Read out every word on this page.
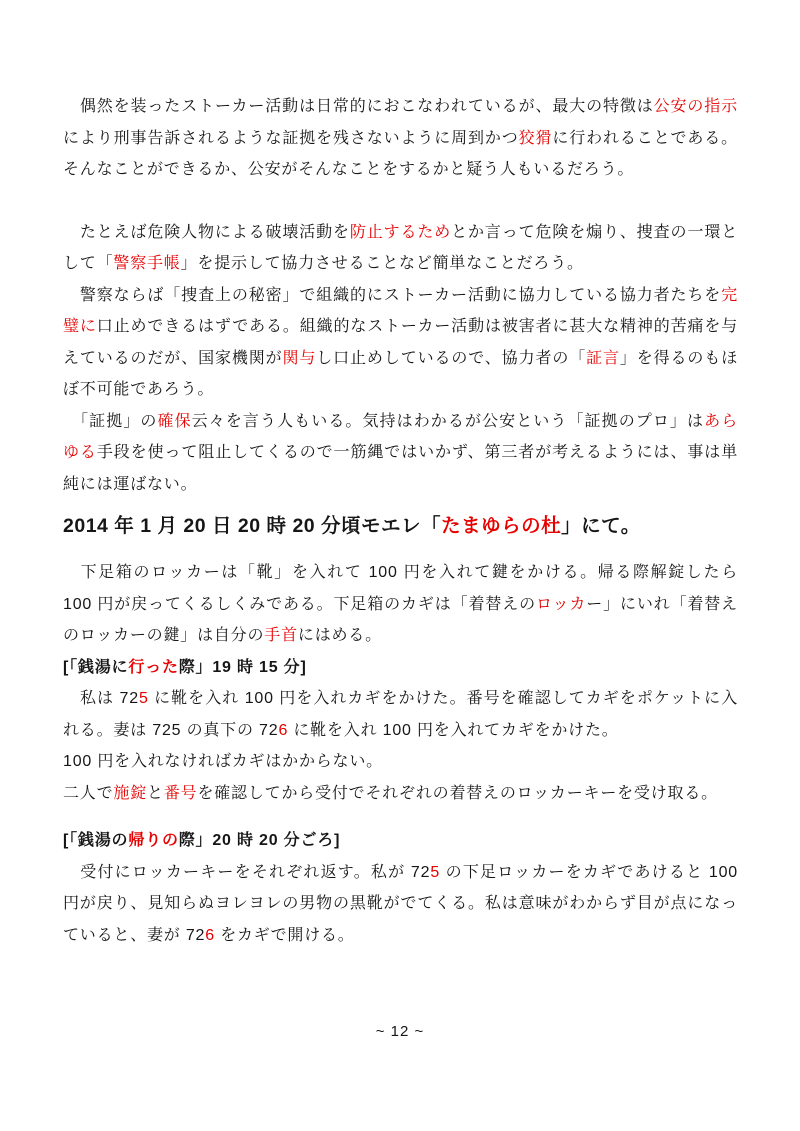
　偶然を装ったストーカー活動は日常的におこなわれているが、最大の特徴は公安の指示により刑事告訴されるような証拠を残さないように周到かつ狡猾に行われることである。そんなことができるか、公安がそんなことをするかと疑う人もいるだろう。

　たとえば危険人物による破壊活動を防止するためとか言って危険を煽り、捜査の一環として「警察手帳」を提示して協力させることなど簡単なことだろう。

　警察ならば「捜査上の秘密」で組織的にストーカー活動に協力している協力者たちを完璧に口止めできるはずである。組織的なストーカー活動は被害者に甚大な精神的苦痛を与えているのだが、国家機関が関与し口止めしているので、協力者の「証言」を得るのもほぼ不可能であろう。

　「証拠」の確保云々を言う人もいる。気持はわかるが公安という「証拠のプロ」はあらゆる手段を使って阻止してくるので一筋縄ではいかず、第三者が考えるようには、事は単純には運ばない。

2014 年 1 月 20 日 20 時 20 分頃モエレ「たまゆらの杜」にて。

　下足箱のロッカーは「靴」を入れて 100 円を入れて鍵をかける。帰る際解錠したら 100 円が戻ってくるしくみである。下足箱のカギは「着替えのロッカー」にいれ「着替えのロッカーの鍵」は自分の手首にはめる。

[「銭湯に行った際」19 時 15 分]

　私は 725 に靴を入れ 100 円を入れカギをかけた。番号を確認してカギをポケットに入れる。妻は 725 の真下の 726 に靴を入れ 100 円を入れてカギをかけた。

100 円を入れなければカギはかからない。

二人で施錠と番号を確認してから受付でそれぞれの着替えのロッカーキーを受け取る。

[「銭湯の帰りの際」20 時 20 分ごろ]

　受付にロッカーキーをそれぞれ返す。私が 725 の下足ロッカーをカギであけると 100 円が戻り、見知らぬヨレヨレの男物の黒靴がでてくる。私は意味がわからず目が点になっていると、妻が 726 をカギで開ける。

~ 12 ~
